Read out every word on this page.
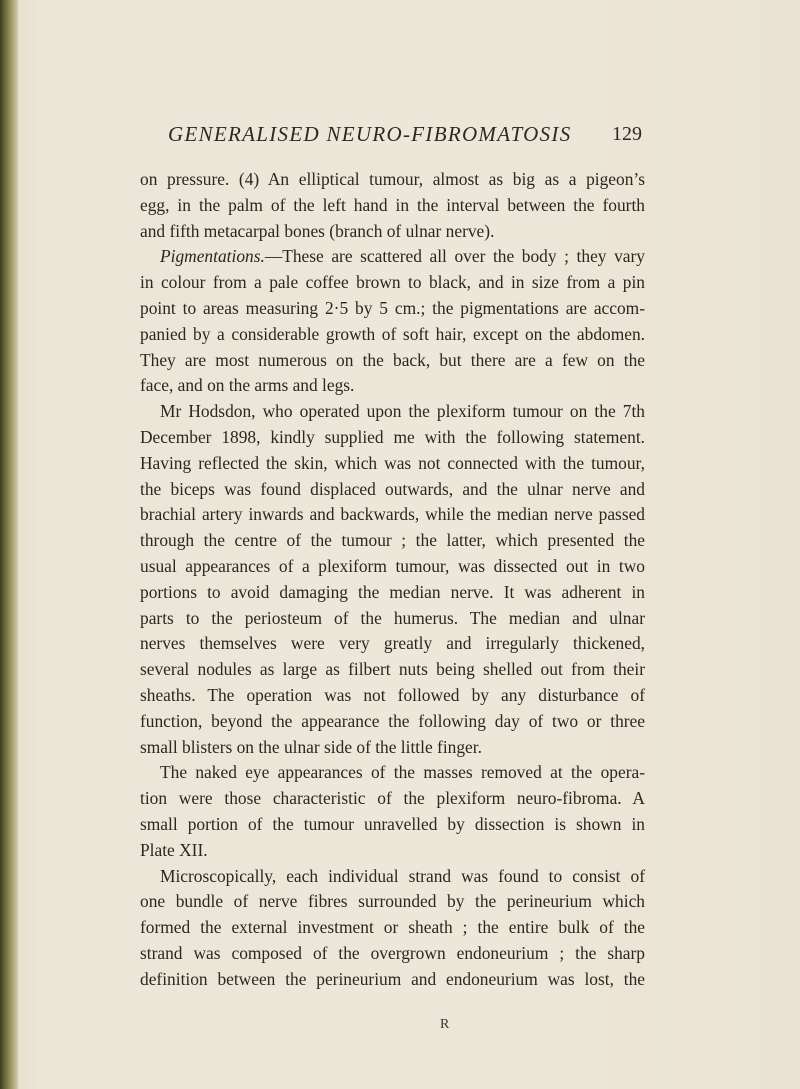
GENERALISED NEURO-FIBROMATOSIS	129
on pressure. (4) An elliptical tumour, almost as big as a pigeon’s
egg, in the palm of the left hand in the interval between the fourth
and fifth metacarpal bones (branch of ulnar nerve).
Pigmentations.—These are scattered all over the body ; they vary
in colour from a pale coffee brown to black, and in size from a pin
point to areas measuring 2·5 by 5 cm.; the pigmentations are accom-
panied by a considerable growth of soft hair, except on the abdomen.
They are most numerous on the back, but there are a few on the
face, and on the arms and legs.
Mr Hodsdon, who operated upon the plexiform tumour on the 7th
December 1898, kindly supplied me with the following statement.
Having reflected the skin, which was not connected with the tumour,
the biceps was found displaced outwards, and the ulnar nerve and
brachial artery inwards and backwards, while the median nerve passed
through the centre of the tumour ; the latter, which presented the
usual appearances of a plexiform tumour, was dissected out in two
portions to avoid damaging the median nerve. It was adherent in
parts to the periosteum of the humerus. The median and ulnar
nerves themselves were very greatly and irregularly thickened,
several nodules as large as filbert nuts being shelled out from their
sheaths. The operation was not followed by any disturbance of
function, beyond the appearance the following day of two or three
small blisters on the ulnar side of the little finger.
The naked eye appearances of the masses removed at the opera-
tion were those characteristic of the plexiform neuro-fibroma. A
small portion of the tumour unravelled by dissection is shown in
Plate XII.
Microscopically, each individual strand was found to consist of
one bundle of nerve fibres surrounded by the perineurium which
formed the external investment or sheath ; the entire bulk of the
strand was composed of the overgrown endoneurium ; the sharp
definition between the perineurium and endoneurium was lost, the
R
